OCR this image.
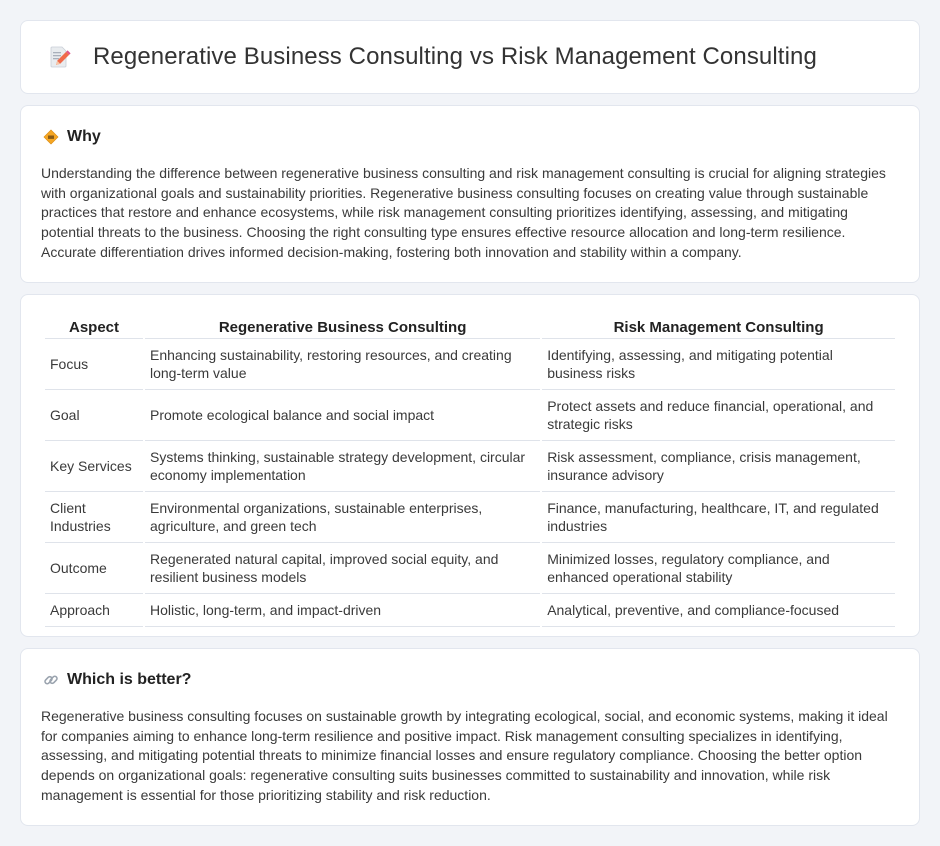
Regenerative Business Consulting vs Risk Management Consulting
Why

Understanding the difference between regenerative business consulting and risk management consulting is crucial for aligning strategies with organizational goals and sustainability priorities. Regenerative business consulting focuses on creating value through sustainable practices that restore and enhance ecosystems, while risk management consulting prioritizes identifying, assessing, and mitigating potential threats to the business. Choosing the right consulting type ensures effective resource allocation and long-term resilience. Accurate differentiation drives informed decision-making, fostering both innovation and stability within a company.

Aspect	Regenerative Business Consulting	Risk Management Consulting
Focus	Enhancing sustainability, restoring resources, and creating long-term value	Identifying, assessing, and mitigating potential business risks
Goal	Promote ecological balance and social impact	Protect assets and reduce financial, operational, and strategic risks
Key Services	Systems thinking, sustainable strategy development, circular economy implementation	Risk assessment, compliance, crisis management, insurance advisory
Client Industries	Environmental organizations, sustainable enterprises, agriculture, and green tech	Finance, manufacturing, healthcare, IT, and regulated industries
Outcome	Regenerated natural capital, improved social equity, and resilient business models	Minimized losses, regulatory compliance, and enhanced operational stability
Approach	Holistic, long-term, and impact-driven	Analytical, preventive, and compliance-focused
Which is better?

Regenerative business consulting focuses on sustainable growth by integrating ecological, social, and economic systems, making it ideal for companies aiming to enhance long-term resilience and positive impact. Risk management consulting specializes in identifying, assessing, and mitigating potential threats to minimize financial losses and ensure regulatory compliance. Choosing the better option depends on organizational goals: regenerative consulting suits businesses committed to sustainability and innovation, while risk management is essential for those prioritizing stability and risk reduction.
